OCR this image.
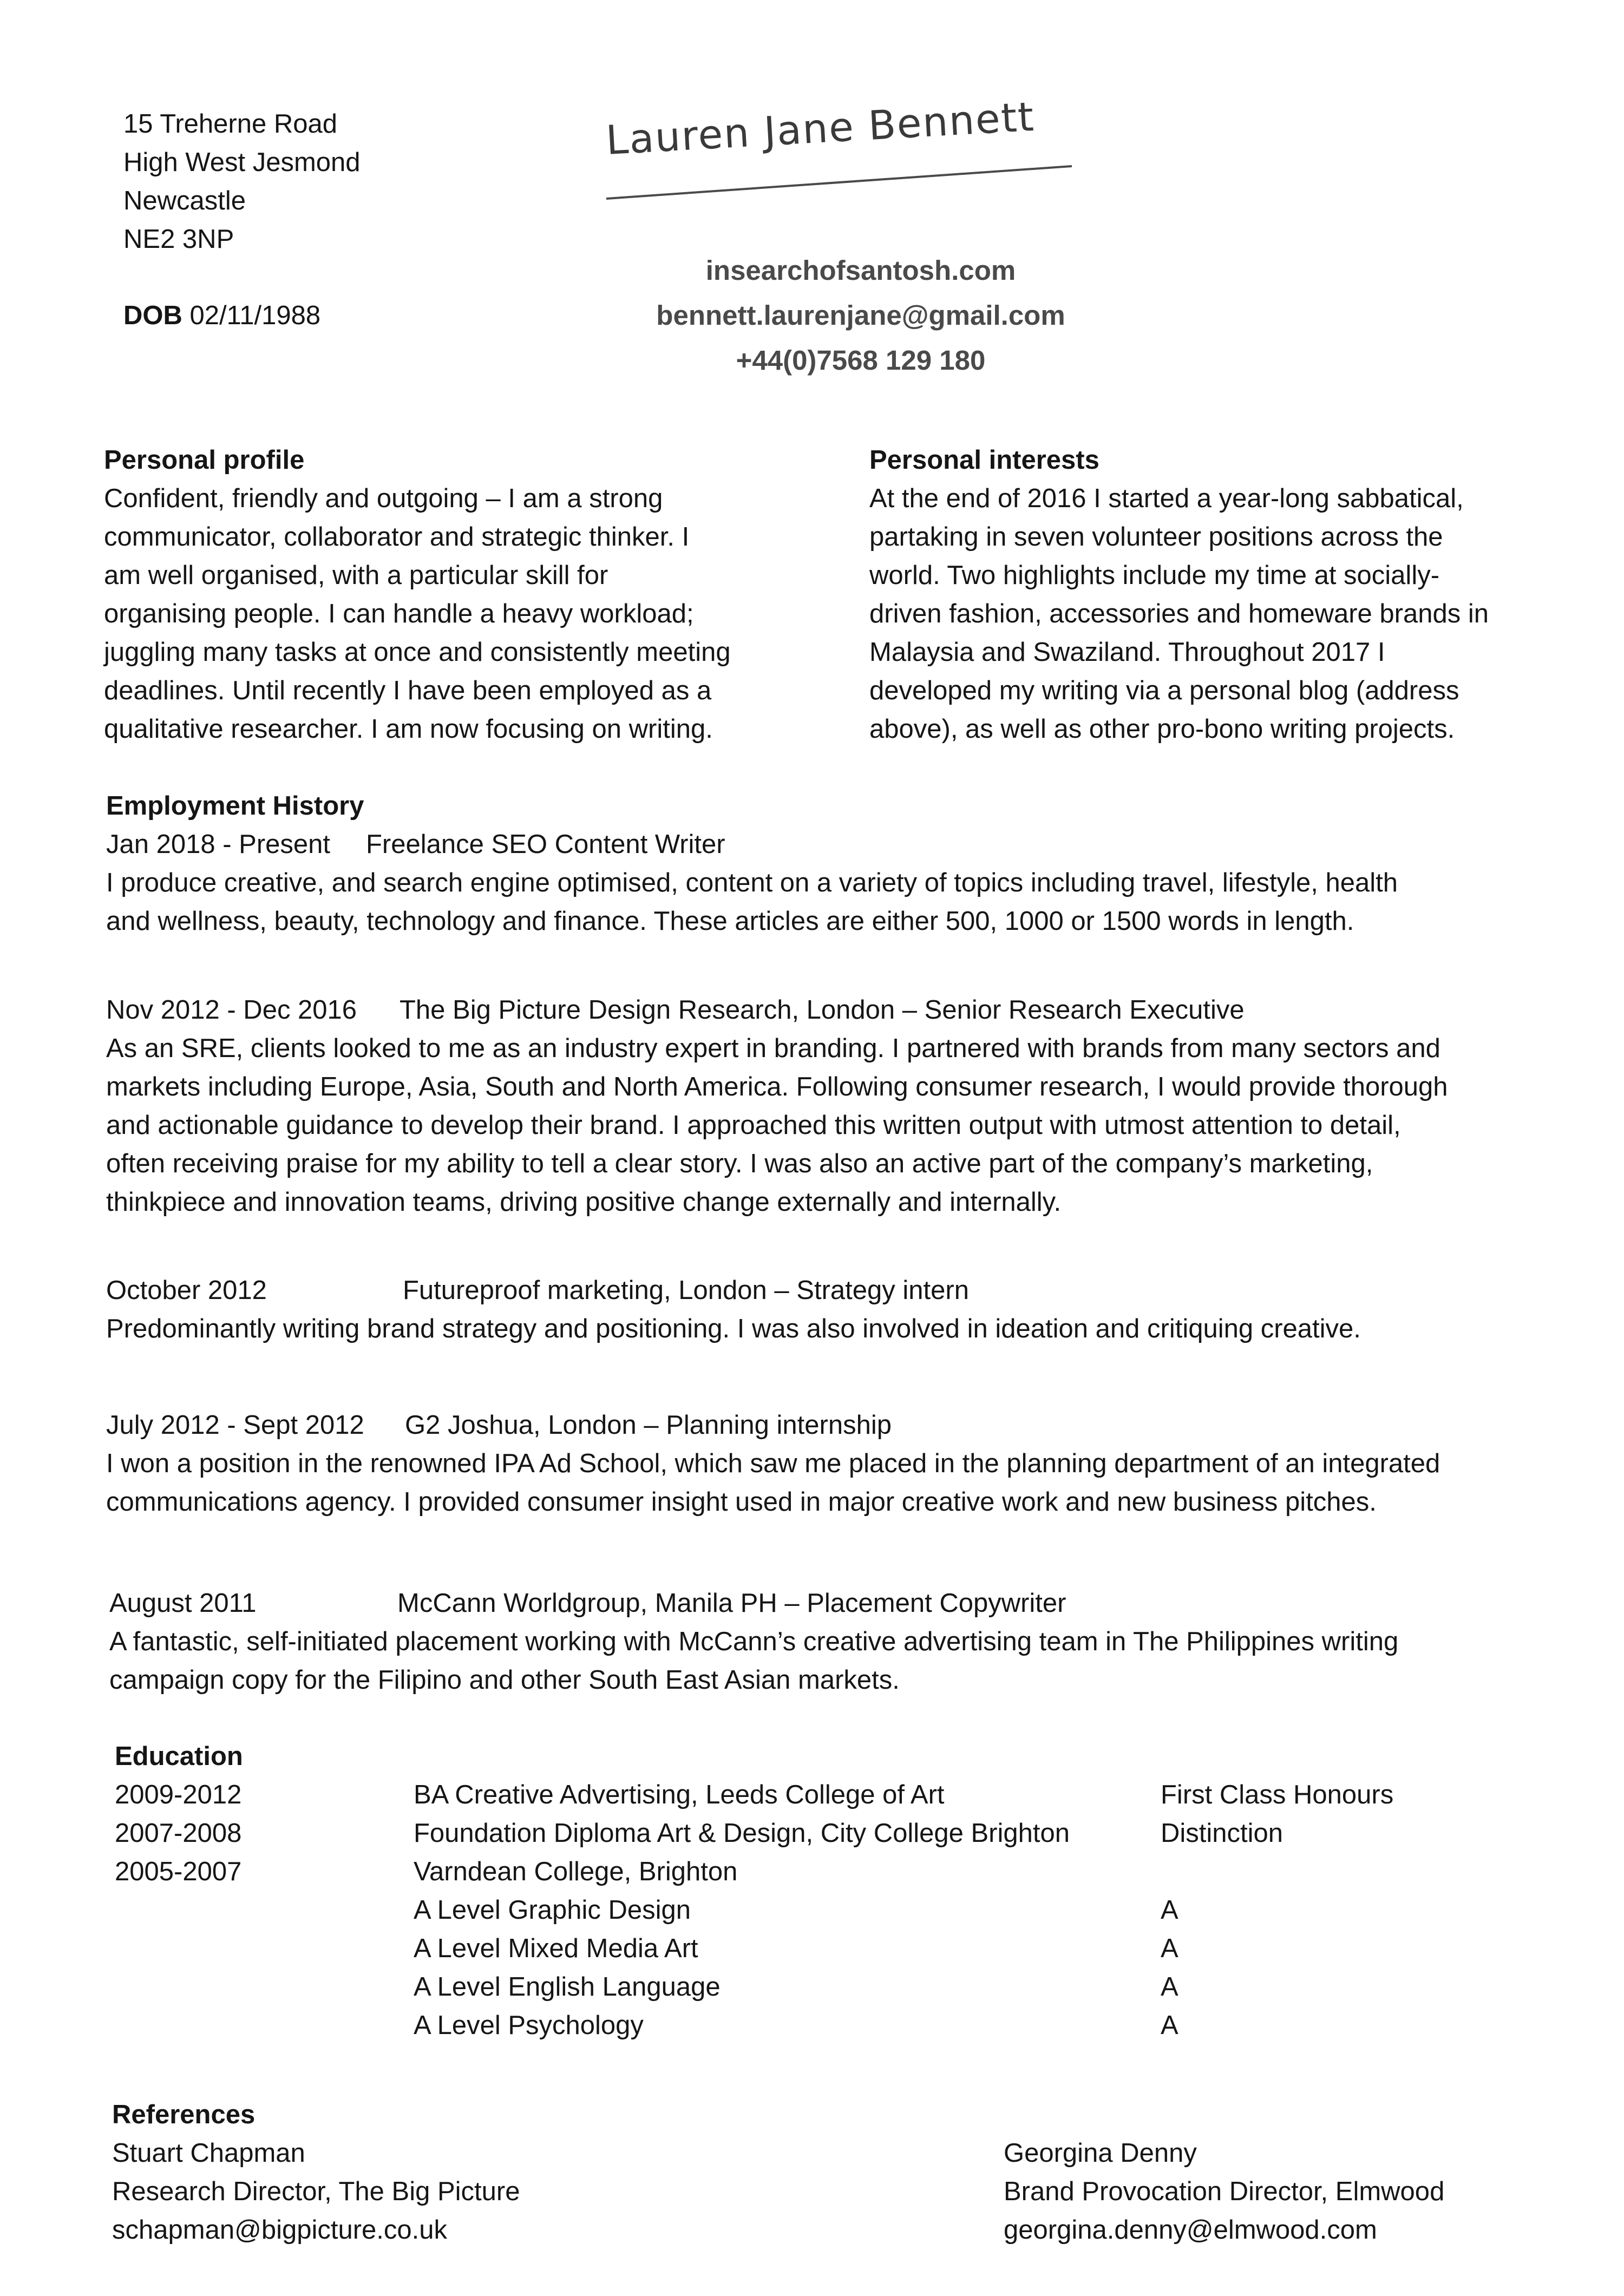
15 Treherne Road
High West Jesmond
Newcastle
NE2 3NP
DOB 02/11/1988
Lauren Jane Bennett
insearchofsantosh.com
bennett.laurenjane@gmail.com
+44(0)7568 129 180
Personal profile
Confident, friendly and outgoing – I am a strong
communicator, collaborator and strategic thinker. I
am well organised, with a particular skill for
organising people. I can handle a heavy workload;
juggling many tasks at once and consistently meeting
deadlines. Until recently I have been employed as a
qualitative researcher. I am now focusing on writing.
Personal interests
At the end of 2016 I started a year-long sabbatical,
partaking in seven volunteer positions across the
world. Two highlights include my time at socially-
driven fashion, accessories and homeware brands in
Malaysia and Swaziland. Throughout 2017 I
developed my writing via a personal blog (address
above), as well as other pro-bono writing projects.
Employment History
Jan 2018 - Present Freelance SEO Content Writer
I produce creative, and search engine optimised, content on a variety of topics including travel, lifestyle, health
and wellness, beauty, technology and finance. These articles are either 500, 1000 or 1500 words in length.
Nov 2012 - Dec 2016 The Big Picture Design Research, London – Senior Research Executive
As an SRE, clients looked to me as an industry expert in branding. I partnered with brands from many sectors and
markets including Europe, Asia, South and North America. Following consumer research, I would provide thorough
and actionable guidance to develop their brand. I approached this written output with utmost attention to detail,
often receiving praise for my ability to tell a clear story. I was also an active part of the company’s marketing,
thinkpiece and innovation teams, driving positive change externally and internally.
October 2012	Futureproof marketing, London – Strategy intern
Predominantly writing brand strategy and positioning. I was also involved in ideation and critiquing creative.
July 2012 - Sept 2012 G2 Joshua, London – Planning internship
I won a position in the renowned IPA Ad School, which saw me placed in the planning department of an integrated
communications agency. I provided consumer insight used in major creative work and new business pitches.
August 2011	McCann Worldgroup, Manila PH – Placement Copywriter
A fantastic, self-initiated placement working with McCann’s creative advertising team in The Philippines writing
campaign copy for the Filipino and other South East Asian markets.
Education
2009-2012	BA Creative Advertising, Leeds College of Art	First Class Honours
2007-2008	Foundation Diploma Art & Design, City College Brighton	Distinction
2005-2007	Varndean College, Brighton
A Level Graphic Design	A
A Level Mixed Media Art	A
A Level English Language	A
A Level Psychology	A
References
Stuart Chapman
Research Director, The Big Picture
schapman@bigpicture.co.uk
Georgina Denny
Brand Provocation Director, Elmwood
georgina.denny@elmwood.com
